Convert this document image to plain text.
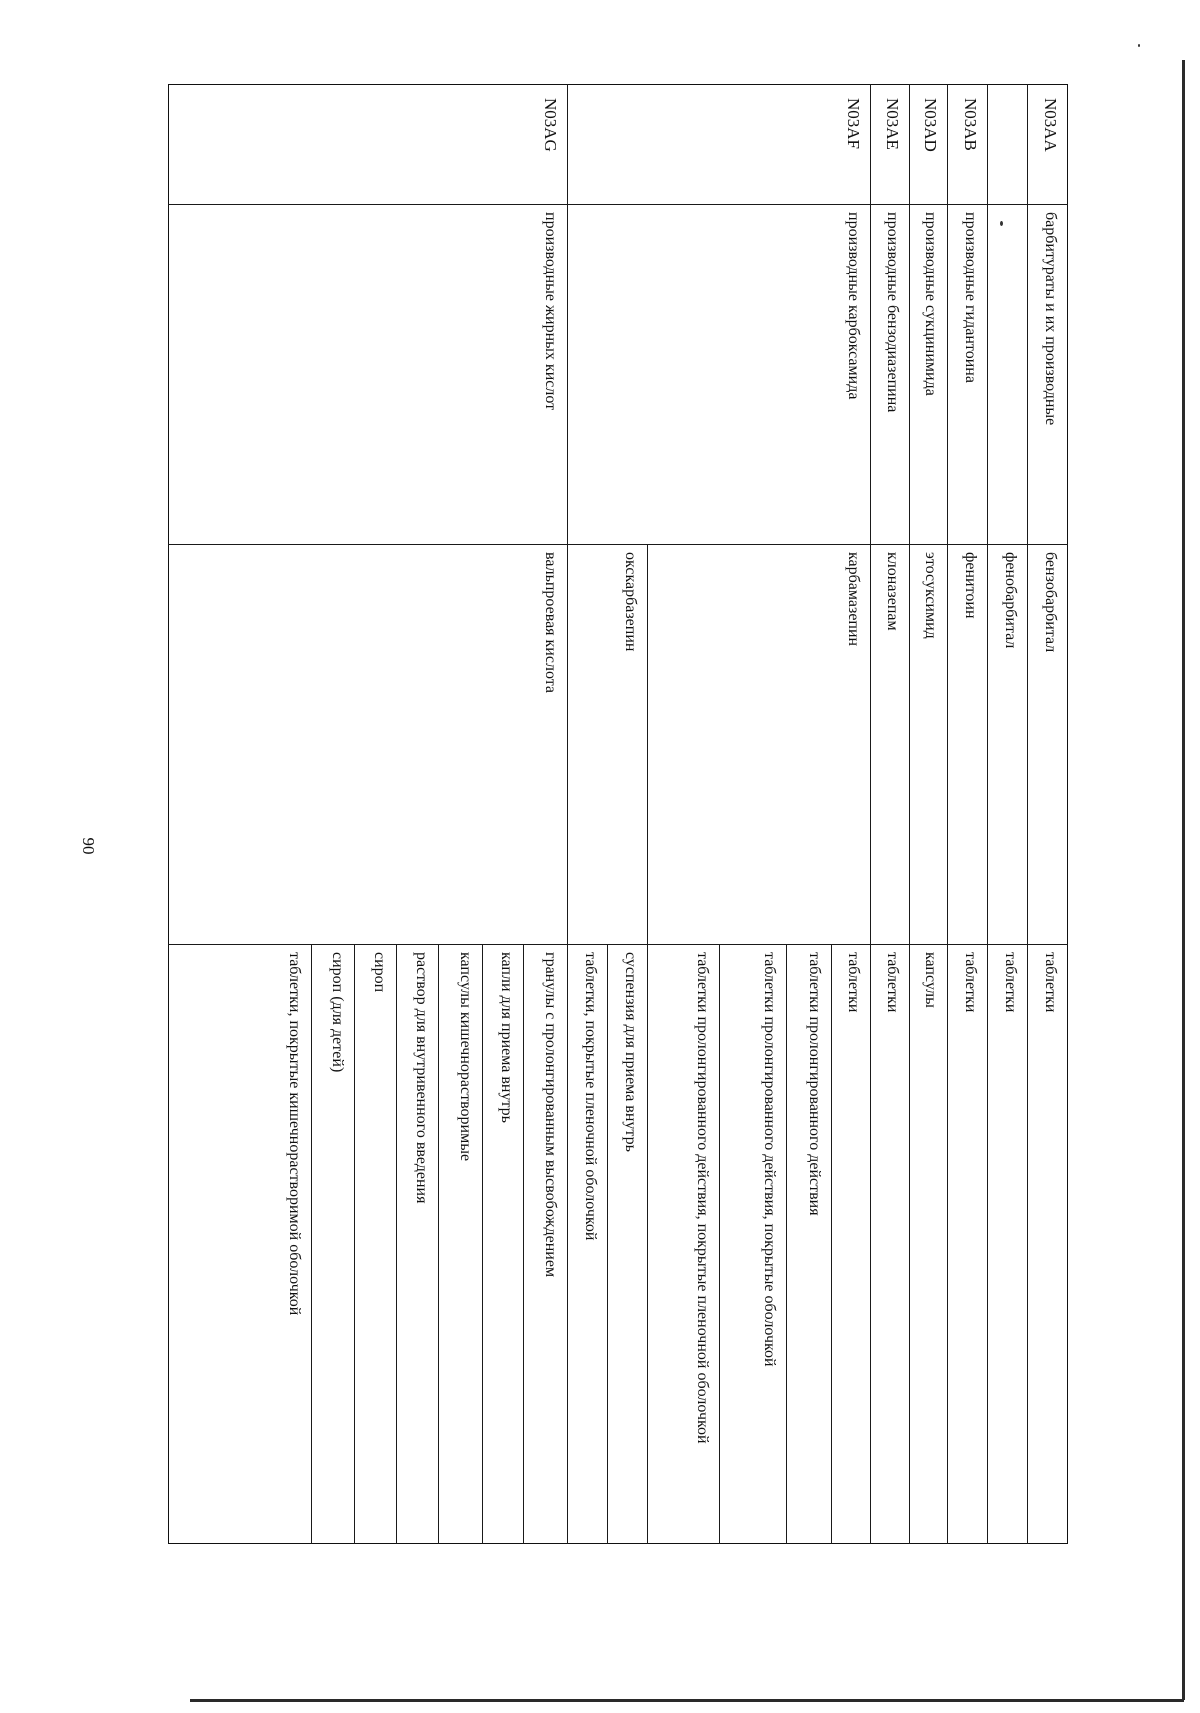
90
N03AA
барбитураты и их производные
бензобарбитал
таблетки
фенобарбитал
таблетки
N03AB
производные гидантоина
фенитоин
таблетки
N03AD
производные сукцинимида
этосуксимид
капсулы
N03AE
производные бензодиазепина
клоназепам
таблетки
N03AF
производные карбоксамида
карбамазепин
таблетки
таблетки пролонгированного действия
таблетки пролонгированного действия, покрытые оболочкой
таблетки пролонгированного действия, покрытые пленочной оболочкой
окскарбазепин
суспензия для приема внутрь
таблетки, покрытые пленочной оболочкой
N03AG
производные жирных кислот
вальпроевая кислота
гранулы с пролонгированным высвобождением
капли для приема внутрь
капсулы кишечнорастворимые
раствор для внутривенного введения
сироп
сироп (для детей)
таблетки, покрытые кишечнорастворимой оболочкой
